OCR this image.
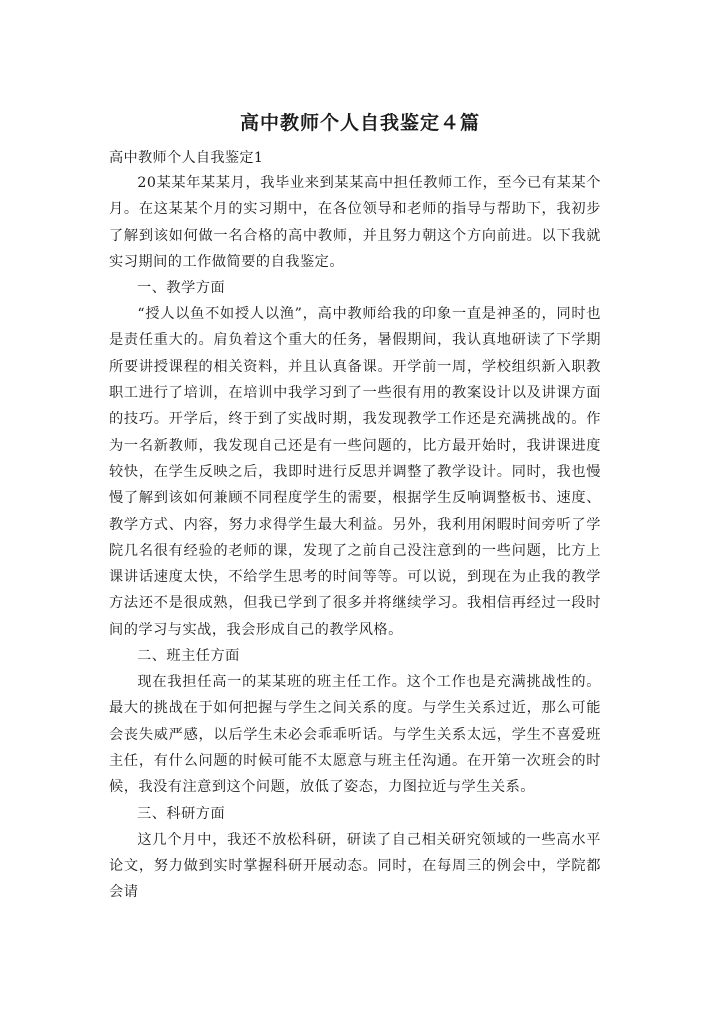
高中教师个人自我鉴定４篇

高中教师个人自我鉴定1

20某某年某某月，我毕业来到某某高中担任教师工作，至今已有某某个月。在这某某个月的实习期中，在各位领导和老师的指导与帮助下，我初步了解到该如何做一名合格的高中教师，并且努力朝这个方向前进。以下我就实习期间的工作做简要的自我鉴定。

一、教学方面

“授人以鱼不如授人以渔”，高中教师给我的印象一直是神圣的，同时也是责任重大的。肩负着这个重大的任务，暑假期间，我认真地研读了下学期所要讲授课程的相关资料，并且认真备课。开学前一周，学校组织新入职教职工进行了培训，在培训中我学习到了一些很有用的教案设计以及讲课方面的技巧。开学后，终于到了实战时期，我发现教学工作还是充满挑战的。作为一名新教师，我发现自己还是有一些问题的，比方最开始时，我讲课进度较快，在学生反映之后，我即时进行反思并调整了教学设计。同时，我也慢慢了解到该如何兼顾不同程度学生的需要，根据学生反响调整板书、速度、教学方式、内容，努力求得学生最大利益。另外，我利用闲暇时间旁听了学院几名很有经验的老师的课，发现了之前自己没注意到的一些问题，比方上课讲话速度太快，不给学生思考的时间等等。可以说，到现在为止我的教学方法还不是很成熟，但我已学到了很多并将继续学习。我相信再经过一段时间的学习与实战，我会形成自己的教学风格。

二、班主任方面

现在我担任高一的某某班的班主任工作。这个工作也是充满挑战性的。最大的挑战在于如何把握与学生之间关系的度。与学生关系过近，那么可能会丧失威严感，以后学生未必会乖乖听话。与学生关系太远，学生不喜爱班主任，有什么问题的时候可能不太愿意与班主任沟通。在开第一次班会的时候，我没有注意到这个问题，放低了姿态，力图拉近与学生关系。

三、科研方面

这几个月中，我还不放松科研，研读了自己相关研究领域的一些高水平论文，努力做到实时掌握科研开展动态。同时，在每周三的例会中，学院都会请
